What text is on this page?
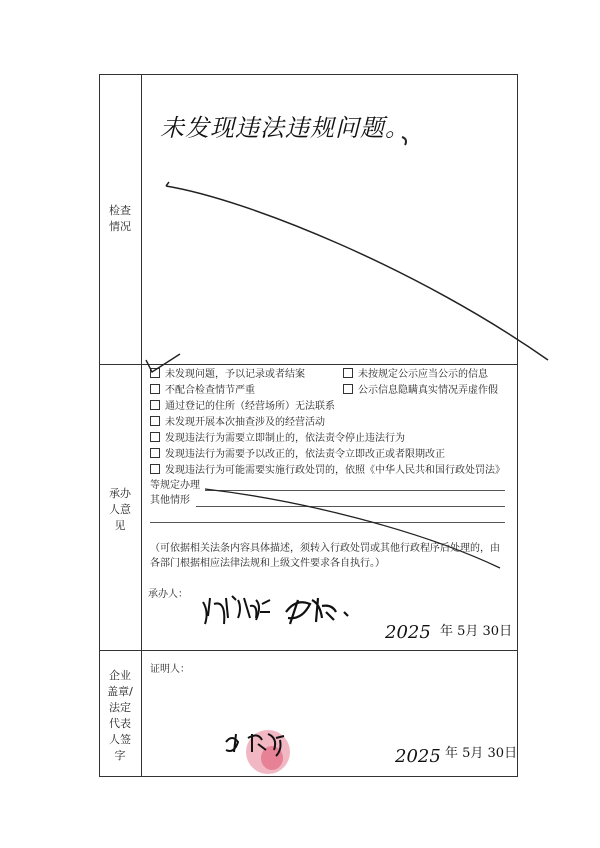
检查情况
承办人意见
企业盖章/法定代表人签字
未发现违法违规问题。
未发现问题，予以记录或者结案	未按规定公示应当公示的信息
不配合检查情节严重	公示信息隐瞒真实情况弄虚作假
通过登记的住所（经营场所）无法联系
未发现开展本次抽查涉及的经营活动
发现违法行为需要立即制止的，依法责令停止违法行为
发现违法行为需要予以改正的，依法责令立即改正或者限期改正
发现违法行为可能需要实施行政处罚的，依照《中华人民共和国行政处罚法》
等规定办理
其他情形
（可依据相关法条内容具体描述，须转入行政处罚或其他行政程序后处理的，由各部门根据相应法律法规和上级文件要求各自执行。）
承办人：
2025 年 5月 30日
证明人：
2025 年 5月 30日
